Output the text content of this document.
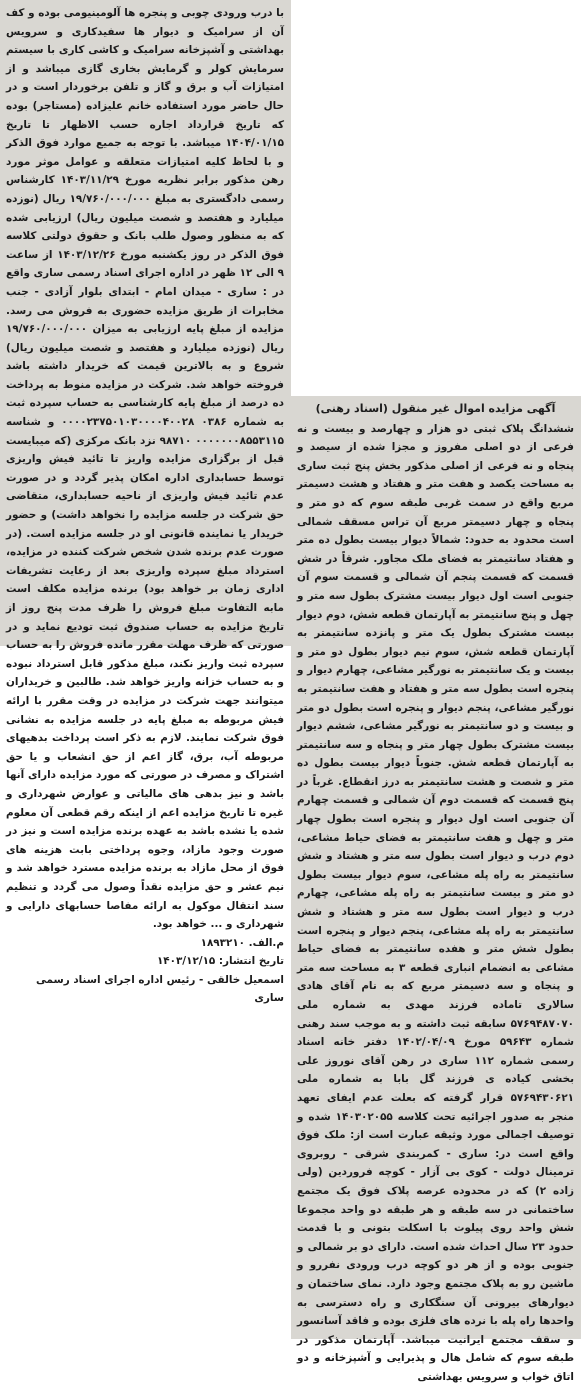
با درب ورودی چوبی و پنجره ها آلومینیومی بوده و کف آن از سرامیک و دیوار ها سفیدکاری و سرویس بهداشتی و آشپزخانه سرامیک و کاشی کاری با سیستم سرمایش کولر و گرمایش بخاری گازی میباشد و از امتیازات آب و برق و گاز و تلفن برخوردار است و در حال حاضر مورد استفاده خانم علیزاده (مستاجر) بوده که تاریخ قرارداد اجاره حسب الاظهار تا تاریخ ۱۴۰۴/۰۱/۱۵ میباشد. با توجه به جمیع موارد فوق الذکر و با لحاظ کلیه امتیازات متعلقه و عوامل موثر مورد رهن مذکور برابر نظریه مورخ ۱۴۰۳/۱۱/۲۹ کارشناس رسمی دادگستری به مبلغ ۱۹/۷۶۰/۰۰۰/۰۰۰ ریال (نوزده میلیارد و هفتصد و شصت میلیون ریال) ارزیابی شده که به منظور وصول طلب بانک و حقوق دولتی کلاسه فوق الذکر در روز یکشنبه مورخ ۱۴۰۳/۱۲/۲۶ از ساعت ۹ الی ۱۲ ظهر در اداره اجرای اسناد رسمی ساری واقع در : ساری - میدان امام - ابتدای بلوار آزادی - جنب مخابرات از طریق مزایده حضوری به فروش می رسد. مزایده از مبلغ پایه ارزیابی به میزان ۱۹/۷۶۰/۰۰۰/۰۰۰ ریال (نوزده میلیارد و هفتصد و شصت میلیون ریال) شروع و به بالاترین قیمت که خریدار داشته باشد فروخته خواهد شد. شرکت در مزایده منوط به پرداخت ده درصد از مبلغ پایه کارشناسی به حساب سپرده ثبت به شماره ۰۳۸۶ ۰۰۰۰۲۳۷۵۰۱۰۳۰۰۰۰۴۰۰۲۸ و شناسه ۰۰۰۰۰۰۰۸۵۵۳۱۱۵ ۹۸۷۱۰ نزد بانک مرکزی (که میبایست قبل از برگزاری مزایده واریز تا تائید فیش واریزی توسط حسابداری اداره امکان پذیر گردد و در صورت عدم تائید فیش واریزی از ناحیه حسابداری، متقاضی حق شرکت در جلسه مزایده را نخواهد داشت) و حضور خریدار یا نماینده قانونی او در جلسه مزایده است. (در صورت عدم برنده شدن شخص شرکت کننده در مزایده، استرداد مبلغ سپرده واریزی بعد از رعایت تشریفات اداری زمان بر خواهد بود) برنده مزایده مکلف است مابه التفاوت مبلغ فروش را ظرف مدت پنج روز از تاریخ مزایده به حساب صندوق ثبت تودیع نماید و در صورتی که ظرف مهلت مقرر مانده فروش را به حساب سپرده ثبت واریز نکند، مبلغ مذکور قابل استرداد نبوده و به حساب خزانه واریز خواهد شد. طالبین و خریداران میتوانند جهت شرکت در مزایده در وقت مقرر با ارائه فیش مربوطه به مبلغ پایه در جلسه مزایده به نشانی فوق شرکت نمایند. لازم به ذکر است پرداخت بدهیهای مربوطه آب، برق، گاز اعم از حق انشعاب و یا حق اشتراک و مصرف در صورتی که مورد مزایده دارای آنها باشد و نیز بدهی های مالیاتی و عوارض شهرداری و غیره تا تاریخ مزایده اعم از اینکه رقم قطعی آن معلوم شده یا نشده باشد به عهده برنده مزایده است و نیز در صورت وجود مازاد، وجوه پرداختی بابت هزینه های فوق از محل مازاد به برنده مزایده مسترد خواهد شد و نیم عشر و حق مزایده نقداً وصول می گردد و تنظیم سند انتقال موکول به ارائه مفاصا حسابهای دارایی و شهرداری و ... خواهد بود.

م.الف. ۱۸۹۳۲۱۰

تاریخ انتشار: ۱۴۰۳/۱۲/۱۵

اسمعیل خالقی - رئیس اداره اجرای اسناد رسمی ساری

آگهی مزایده اموال غیر منقول (اسناد رهنی)

ششدانگ پلاک ثبتی دو هزار و چهارصد و بیست و نه فرعی از دو اصلی مفروز و مجزا شده از سیصد و پنجاه و نه فرعی از اصلی مذکور بخش پنج ثبت ساری به مساحت یکصد و هفت متر و هفتاد و هشت دسیمتر مربع واقع در سمت غربی طبقه سوم که دو متر و پنجاه و چهار دسیمتر مربع آن تراس مسقف شمالی است محدود به حدود: شمالاً دیوار بیست بطول ده متر و هفتاد سانتیمتر به فضای ملک مجاور. شرقاً در شش قسمت که قسمت پنجم آن شمالی و قسمت سوم آن جنوبی است اول دیوار بیست مشترک بطول سه متر و چهل و پنج سانتیمتر به آپارتمان قطعه شش، دوم دیوار بیست مشترک بطول یک متر و پانزده سانتیمتر به آپارتمان قطعه شش، سوم نیم دیوار بطول دو متر و بیست و یک سانتیمتر به نورگیر مشاعی، چهارم دیوار و پنجره است بطول سه متر و هفتاد و هفت سانتیمتر به نورگیر مشاعی، پنجم دیوار و پنجره است بطول دو متر و بیست و دو سانتیمتر به نورگیر مشاعی، ششم دیوار بیست مشترک بطول چهار متر و پنجاه و سه سانتیمتر به آپارتمان قطعه شش. جنوباً دیوار بیست بطول ده متر و شصت و هشت سانتیمتر به درز انقطاع. غرباً در پنج قسمت که قسمت دوم آن شمالی و قسمت چهارم آن جنوبی است اول دیوار و پنجره است بطول چهار متر و چهل و هفت سانتیمتر به فضای حیاط مشاعی، دوم درب و دیوار است بطول سه متر و هشتاد و شش سانتیمتر به راه پله مشاعی، سوم دیوار بیست بطول دو متر و بیست سانتیمتر به راه پله مشاعی، چهارم درب و دیوار است بطول سه متر و هشتاد و شش سانتیمتر به راه پله مشاعی، پنجم دیوار و پنجره است بطول شش متر و هفده سانتیمتر به فضای حیاط مشاعی به انضمام انباری قطعه ۳ به مساحت سه متر و پنجاه و سه دسیمتر مربع که به نام آقای هادی سالاری تاماده فرزند مهدی به شماره ملی ۵۷۶۹۴۸۷۰۷۰ سابقه ثبت داشته و به موجب سند رهنی شماره ۵۹۶۴۳ مورخ ۱۴۰۲/۰۴/۰۹ دفتر خانه اسناد رسمی شماره ۱۱۲ ساری در رهن آقای نوروز علی بخشی کیاده ی فرزند گل بابا به شماره ملی ۵۷۶۹۴۳۰۶۲۱ قرار گرفته که بعلت عدم ایفای تعهد منجر به صدور اجرائیه تحت کلاسه ۱۴۰۳۰۲۰۵۵ شده و توصیف اجمالی مورد وثیقه عبارت است از: ملک فوق واقع است در: ساری - کمربندی شرقی - روبروی ترمینال دولت - کوی بی آزار - کوچه فروردین (ولی زاده ۲) که در محدوده عرصه پلاک فوق یک مجتمع ساختمانی در سه طبقه و هر طبقه دو واحد مجموعا شش واحد روی پیلوت با اسکلت بتونی و با قدمت حدود ۲۳ سال احداث شده است. دارای دو بر شمالی و جنوبی بوده و از هر دو کوچه درب ورودی نفررو و ماشین رو به پلاک مجتمع وجود دارد. نمای ساختمان و دیوارهای بیرونی آن سنگکاری و راه دسترسی به واحدها راه پله با نرده های فلزی بوده و فاقد آسانسور و سقف مجتمع ایرانیت میباشد. آپارتمان مذکور در طبقه سوم که شامل هال و پذیرایی و آشپزخانه و دو اتاق خواب و سرویس بهداشتی
